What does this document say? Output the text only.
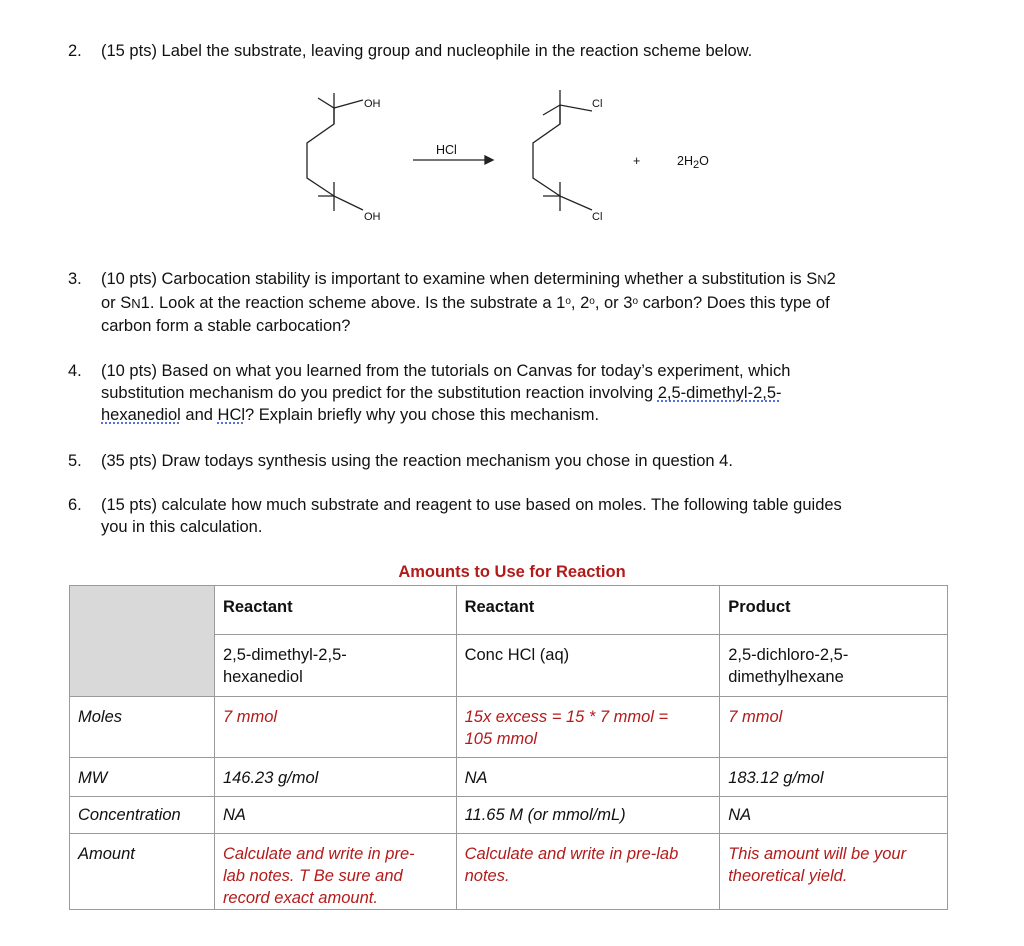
2. (15 pts) Label the substrate, leaving group and nucleophile in the reaction scheme below.
OH
OH
HCl
Cl
Cl
+	$2H_2O$
3. (10 pts) Carbocation stability is important to examine when determining whether a substitution is SN2
or SN1. Look at the reaction scheme above. Is the substrate a 1$^o$, 2$^o$, or 3$^o$ carbon? Does this type of
carbon form a stable carbocation?
4. (10 pts) Based on what you learned from the tutorials on Canvas for today’s experiment, which
substitution mechanism do you predict for the substitution reaction involving 2,5-dimethyl-2,5-
hexanediol and HCl? Explain briefly why you chose this mechanism.
5. (35 pts) Draw todays synthesis using the reaction mechanism you chose in question 4.
6. (15 pts) calculate how much substrate and reagent to use based on moles. The following table guides
you in this calculation.
Amounts to Use for Reaction
	Reactant	Reactant	Product
	2,5-dimethyl-2,5-
hexanediol	Conc HCl (aq)	2,5-dichloro-2,5-
dimethylhexane
Moles	7 mmol	15x excess = 15 * 7 mmol =
105 mmol	7 mmol
MW	146.23 g/mol	NA	183.12 g/mol
Concentration	NA	11.65 M (or mmol/mL)	NA
Amount	Calculate and write in pre-
lab notes. T Be sure and
record exact amount.	Calculate and write in pre-lab
notes.	This amount will be your
theoretical yield.
